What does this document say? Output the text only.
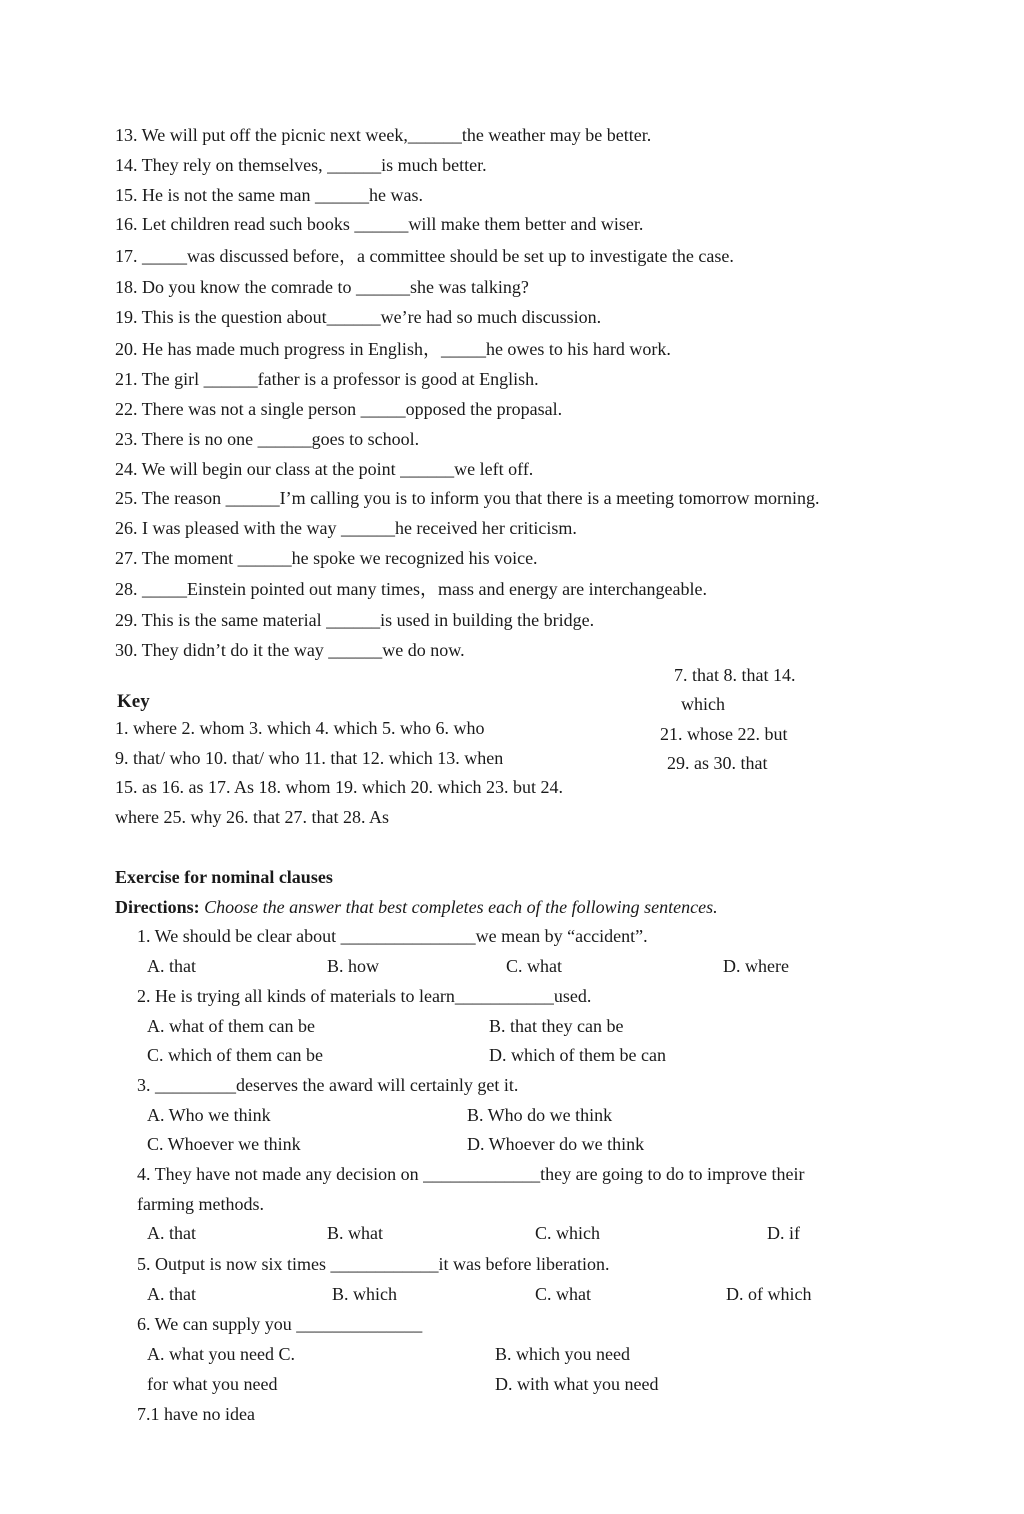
13. We will put off the picnic next week,______the weather may be better.
14. They rely on themselves, ______is much better.
15. He is not the same man ______he was.
16. Let children read such books ______will make them better and wiser.
17. _____was discussed before，a committee should be set up to investigate the case.
18. Do you know the comrade to ______she was talking?
19. This is the question about______we’re had so much discussion.
20. He has made much progress in English，_____he owes to his hard work.
21. The girl ______father is a professor is good at English.
22. There was not a single person _____opposed the propasal.
23. There is no one ______goes to school.
24. We will begin our class at the point ______we left off.
25. The reason ______I’m calling you is to inform you that there is a meeting tomorrow morning.
26. I was pleased with the way ______he received her criticism.
27. The moment ______he spoke we recognized his voice.
28. _____Einstein pointed out many times，mass and energy are interchangeable.
29. This is the same material ______is used in building the bridge.
30. They didn’t do it the way ______we do now.
Key
1. where 2. whom 3. which 4. which 5. who 6. who
9. that/ who 10. that/ who 11. that 12. which 13. when
15. as 16. as 17. As 18. whom 19. which 20. which 23. but 24.
where 25. why 26. that 27. that 28. As
7. that 8. that 14.
which
21. whose 22. but
29. as 30. that
Exercise for nominal clauses
Directions: Choose the answer that best completes each of the following sentences.
1. We should be clear about _______________we mean by “accident”.
A. that	B. how	C. what	D. where
2. He is trying all kinds of materials to learn___________used.
A. what of them can be	B. that they can be
C. which of them can be	D. which of them be can
3. _________deserves the award will certainly get it.
A. Who we think	B. Who do we think
C. Whoever we think	D. Whoever do we think
4. They have not made any decision on _____________they are going to do to improve their
farming methods.
A. that	B. what	C. which	D. if
5. Output is now six times ____________it was before liberation.
A. that	B. which	C. what	D. of which
6. We can supply you ______________
A. what you need C.	B. which you need
for what you need	D. with what you need
7.1 have no idea
